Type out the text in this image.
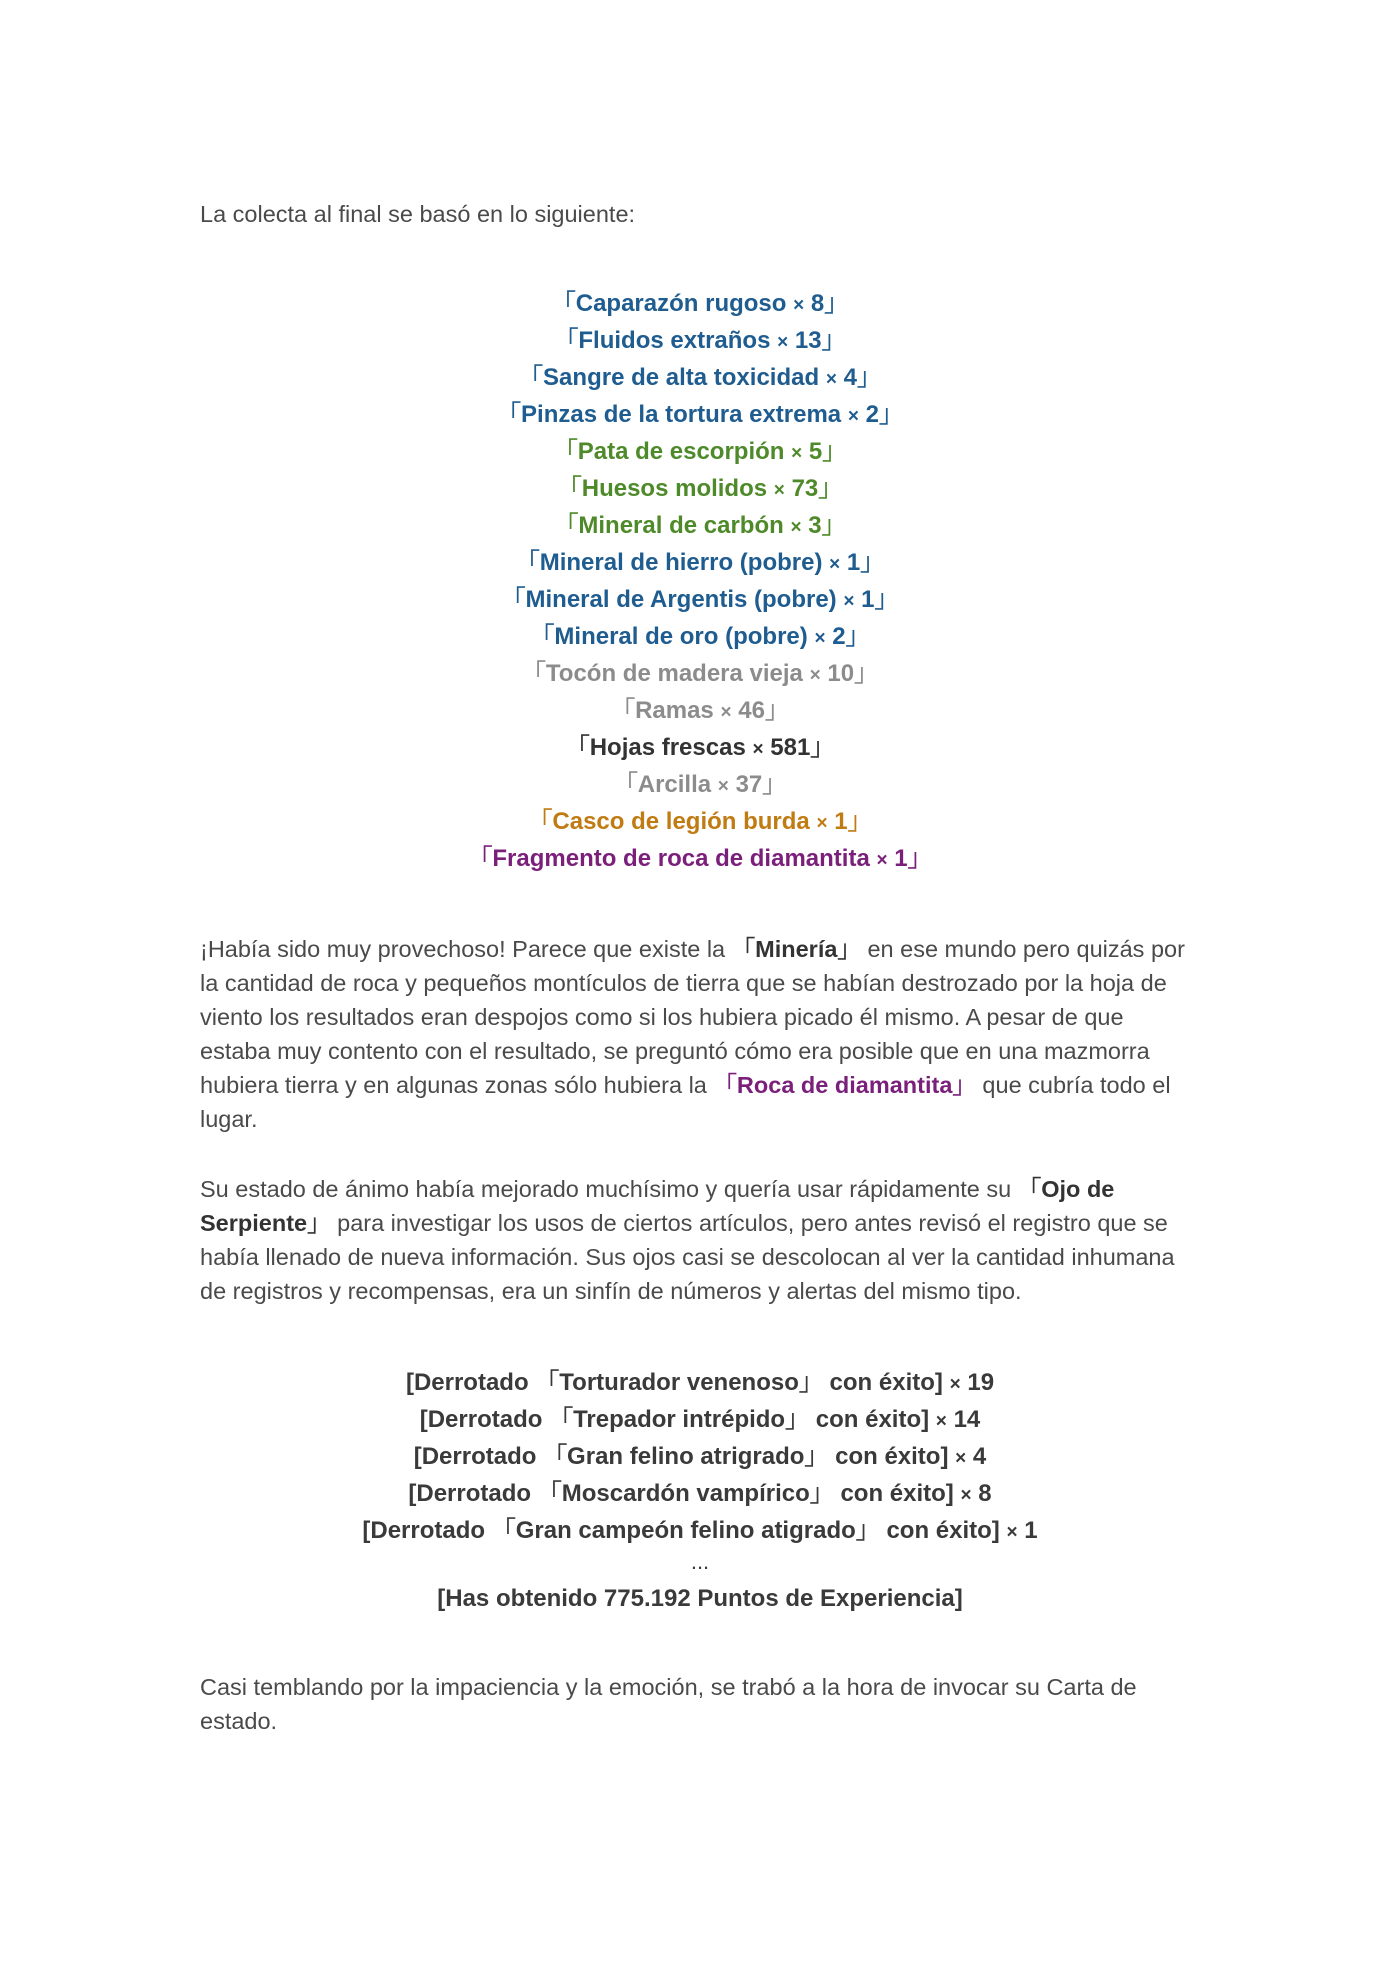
La colecta al final se basó en lo siguiente:

「Caparazón rugoso × 8」
「Fluidos extraños × 13」
「Sangre de alta toxicidad × 4」
「Pinzas de la tortura extrema × 2」
「Pata de escorpión × 5」
「Huesos molidos × 73」
「Mineral de carbón × 3」
「Mineral de hierro (pobre) × 1」
「Mineral de Argentis (pobre) × 1」
「Mineral de oro (pobre) × 2」
「Tocón de madera vieja × 10」
「Ramas × 46」
「Hojas frescas × 581」
「Arcilla × 37」
「Casco de legión burda × 1」
「Fragmento de roca de diamantita × 1」

¡Había sido muy provechoso! Parece que existe la 「Minería」 en ese mundo pero quizás por la cantidad de roca y pequeños montículos de tierra que se habían destrozado por la hoja de viento los resultados eran despojos como si los hubiera picado él mismo. A pesar de que estaba muy contento con el resultado, se preguntó cómo era posible que en una mazmorra hubiera tierra y en algunas zonas sólo hubiera la 「Roca de diamantita」 que cubría todo el lugar.

Su estado de ánimo había mejorado muchísimo y quería usar rápidamente su 「Ojo de Serpiente」 para investigar los usos de ciertos artículos, pero antes revisó el registro que se había llenado de nueva información. Sus ojos casi se descolocan al ver la cantidad inhumana de registros y recompensas, era un sinfín de números y alertas del mismo tipo.

[Derrotado 「Torturador venenoso」 con éxito] × 19
[Derrotado 「Trepador intrépido」 con éxito] × 14
[Derrotado 「Gran felino atrigrado」 con éxito] × 4
[Derrotado 「Moscardón vampírico」 con éxito] × 8
[Derrotado 「Gran campeón felino atigrado」 con éxito] × 1
...
[Has obtenido 775.192 Puntos de Experiencia]

Casi temblando por la impaciencia y la emoción, se trabó a la hora de invocar su Carta de estado.
